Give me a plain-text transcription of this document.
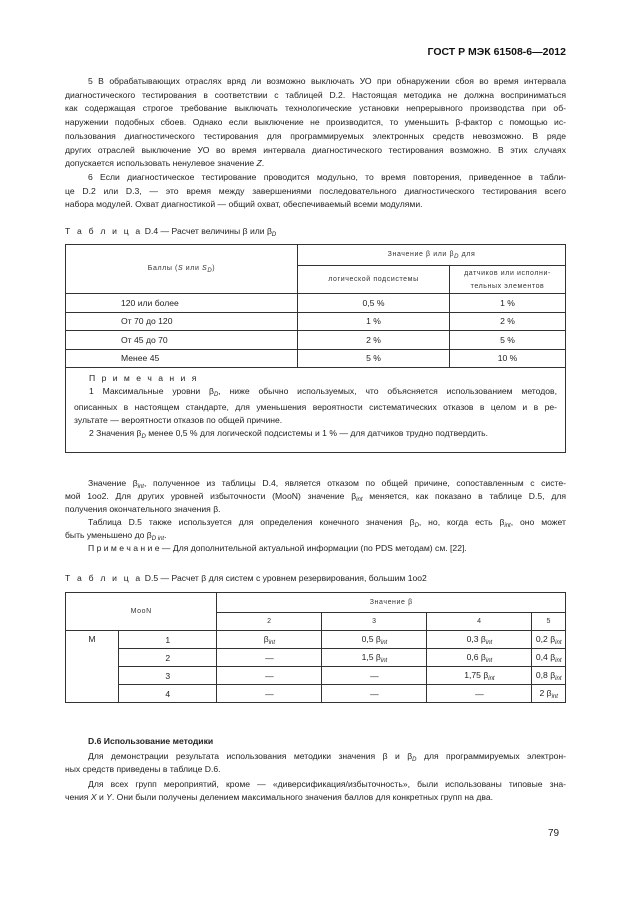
ГОСТ Р МЭК 61508-6—2012
5 В обрабатывающих отраслях вряд ли возможно выключать УО при обнаружении сбоя во время интервала
диагностического тестирования в соответствии с таблицей D.2. Настоящая методика не должна восприниматься
как содержащая строгое требование выключать технологические установки непрерывного производства при об-
наружении подобных сбоев. Однако если выключение не производится, то уменьшить β-фактор с помощью ис-
пользования диагностического тестирования для программируемых электронных средств невозможно. В ряде
других отраслей выключение УО во время интервала диагностического тестирования возможно. В этих случаях
допускается использовать ненулевое значение Z.
6 Если диагностическое тестирование проводится модульно, то время повторения, приведенное в табли-
це D.2 или D.3, — это время между завершениями последовательного диагностического тестирования всего
набора модулей. Охват диагностикой — общий охват, обеспечиваемый всеми модулями.
Значение $\beta_{int}$, полученное из таблицы D.4, является отказом по общей причине, сопоставленным с систе-
мой 1oo2. Для других уровней избыточности (MooN) значение $\beta_{int}$ меняется, как показано в таблице D.5, для
получения окончательного значения β.
Таблица D.5 также используется для определения конечного значения $\beta_D$, но, когда есть $\beta_{int}$, оно может
быть уменьшено до $\beta_{D int}$.
П р и м е ч а н и е — Для дополнительной актуальной информации (по PDS методам) см. [22].
D.6 Использование методики
Для демонстрации результата использования методики значения β и $\beta_D$ для программируемых электрон-
ных средств приведены в таблице D.6.
Для всех групп мероприятий, кроме — «диверсификация/избыточность», были использованы типовые зна-
чения X и Y. Они были получены делением максимального значения баллов для конкретных групп на два.
Т а б л и ц а D.4 — Расчет величины β или $\beta_D$
Баллы (S или $S_D$)	Значение β или $\beta_D$ для	
	логической подсистемы	датчиков или исполни-
тельных элементов
120 или более	0,5 %	1 %
От 70 до 120	1 %	2 %
От 45 до 70	2 %	5 %
Менее 45	5 %	10 %

П р и м е ч а н и я
1 Максимальные уровни $\beta_D$, ниже обычно используемых, что объясняется использованием методов,
описанных в настоящем стандарте, для уменьшения вероятности систематических отказов в целом и в ре-
зультате — вероятности отказов по общей причине.
2 Значения $\beta_D$ менее 0,5 % для логической подсистемы и 1 % — для датчиков трудно подтвердить.		
Т а б л и ц а D.5 — Расчет β для систем с уровнем резервирования, большим 1oo2
MooN		Значение β			
		2	3	4	5
M	1	$\beta_{int}$	0,5 $\beta_{int}$	0,3 $\beta_{int}$	0,2 $\beta_{int}$
	2	—	1,5 $\beta_{int}$	0,6 $\beta_{int}$	0,4 $\beta_{int}$
	3	—	—	1,75 $\beta_{int}$	0,8 $\beta_{int}$
	4	—	—	—	2 $\beta_{int}$
79
